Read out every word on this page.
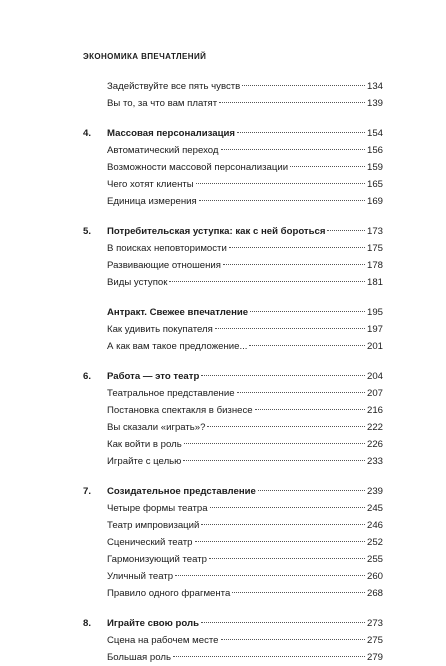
ЭКОНОМИКА ВПЕЧАТЛЕНИЙ
Задействуйте все пять чувств	134
Вы то, за что вам платят	139
4.	Массовая персонализация	154
Автоматический переход	156
Возможности массовой персонализации	159
Чего хотят клиенты	165
Единица измерения	169
5.	Потребительская уступка: как с ней бороться	173
В поисках неповторимости	175
Развивающие отношения	178
Виды уступок	181
Антракт. Свежее впечатление	195
Как удивить покупателя	197
А как вам такое предложение...	201
6.	Работа — это театр	204
Театральное представление	207
Постановка спектакля в бизнесе	216
Вы сказали «играть»?	222
Как войти в роль	226
Играйте с целью	233
7.	Созидательное представление	239
Четыре формы театра	245
Театр импровизаций	246
Сценический театр	252
Гармонизующий театр	255
Уличный театр	260
Правило одного фрагмента	268
8.	Играйте свою роль	273
Сцена на рабочем месте	275
Большая роль	279
